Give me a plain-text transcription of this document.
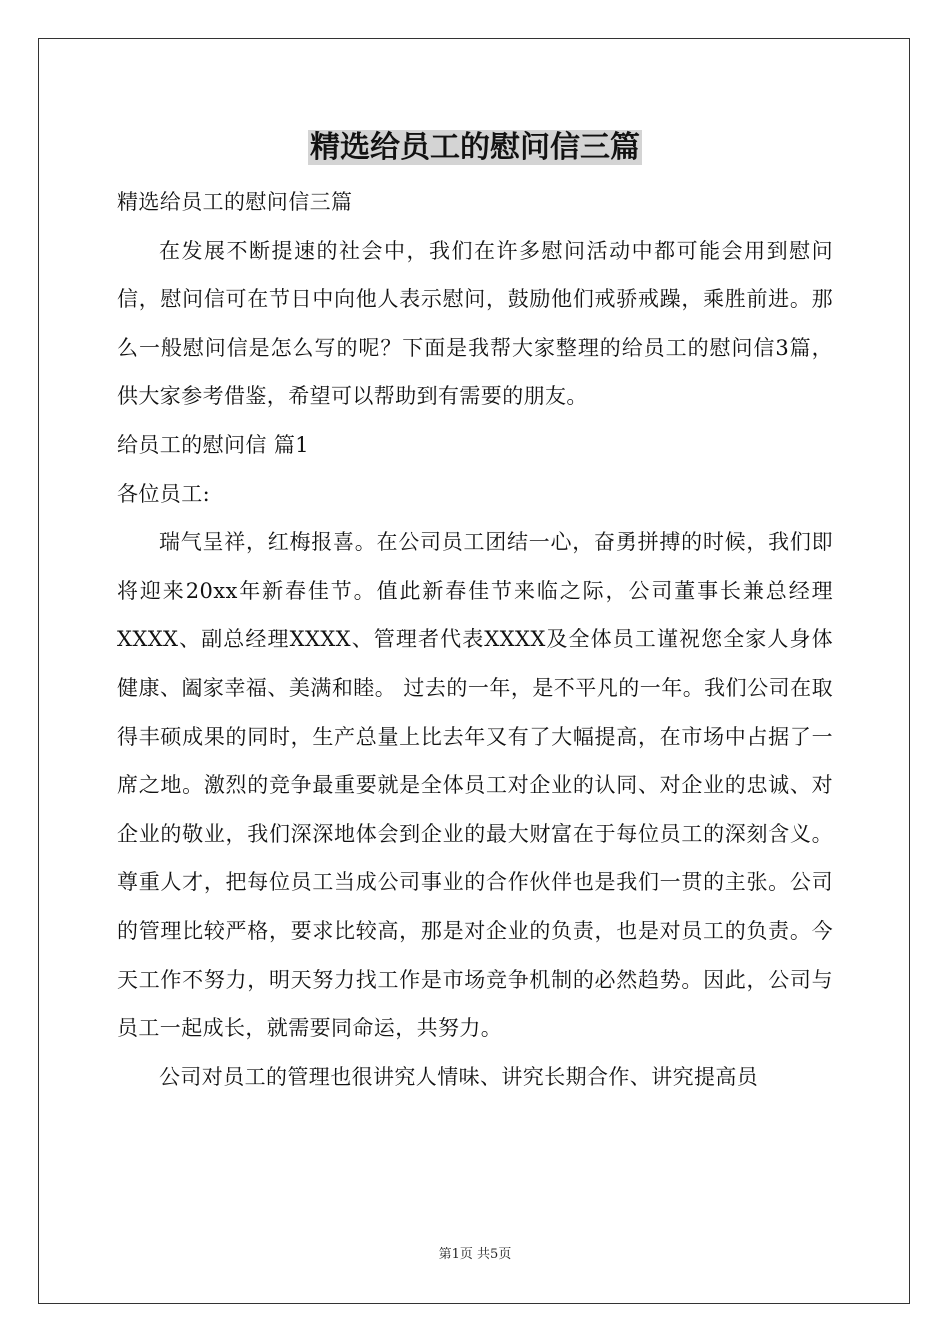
精选给员工的慰问信三篇

精选给员工的慰问信三篇

在发展不断提速的社会中，我们在许多慰问活动中都可能会用到慰问信，慰问信可在节日中向他人表示慰问，鼓励他们戒骄戒躁，乘胜前进。那么一般慰问信是怎么写的呢？下面是我帮大家整理的给员工的慰问信3篇，供大家参考借鉴，希望可以帮助到有需要的朋友。

给员工的慰问信 篇1

各位员工:

瑞气呈祥，红梅报喜。在公司员工团结一心，奋勇拼搏的时候，我们即将迎来20xx年新春佳节。值此新春佳节来临之际，公司董事长兼总经理XXXX、副总经理XXXX、管理者代表XXXX及全体员工谨祝您全家人身体健康、阖家幸福、美满和睦。 过去的一年，是不平凡的一年。我们公司在取得丰硕成果的同时，生产总量上比去年又有了大幅提高，在市场中占据了一席之地。激烈的竞争最重要就是全体员工对企业的认同、对企业的忠诚、对企业的敬业，我们深深地体会到企业的最大财富在于每位员工的深刻含义。尊重人才，把每位员工当成公司事业的合作伙伴也是我们一贯的主张。公司的管理比较严格，要求比较高，那是对企业的负责，也是对员工的负责。今天工作不努力，明天努力找工作是市场竞争机制的必然趋势。因此，公司与员工一起成长，就需要同命运，共努力。

公司对员工的管理也很讲究人情味、讲究长期合作、讲究提高员

第1页 共5页
